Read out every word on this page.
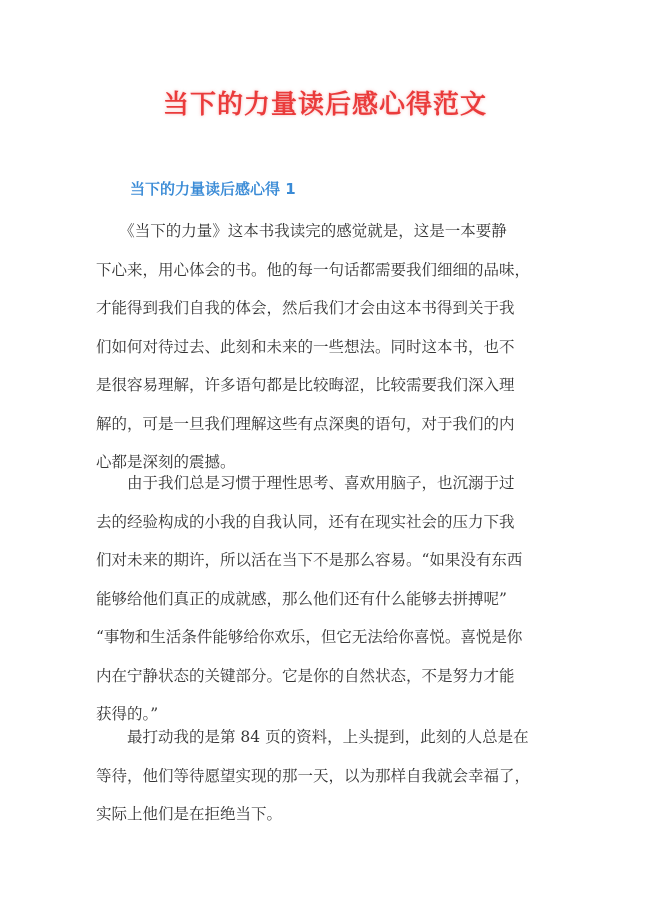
当下的力量读后感心得范文
当下的力量读后感心得 1

　　《当下的力量》这本书我读完的感觉就是，这是一本要静
下心来，用心体会的书。他的每一句话都需要我们细细的品味，
才能得到我们自我的体会，然后我们才会由这本书得到关于我
们如何对待过去、此刻和未来的一些想法。同时这本书，也不
是很容易理解，许多语句都是比较晦涩，比较需要我们深入理
解的，可是一旦我们理解这些有点深奥的语句，对于我们的内
心都是深刻的震撼。

　　由于我们总是习惯于理性思考、喜欢用脑子，也沉溺于过
去的经验构成的小我的自我认同，还有在现实社会的压力下我
们对未来的期许，所以活在当下不是那么容易。“如果没有东西
能够给他们真正的成就感，那么他们还有什么能够去拼搏呢”
“事物和生活条件能够给你欢乐，但它无法给你喜悦。喜悦是你
内在宁静状态的关键部分。它是你的自然状态，不是努力才能
获得的。”

　　最打动我的是第 84 页的资料，上头提到，此刻的人总是在
等待，他们等待愿望实现的那一天，以为那样自我就会幸福了，
实际上他们是在拒绝当下。
